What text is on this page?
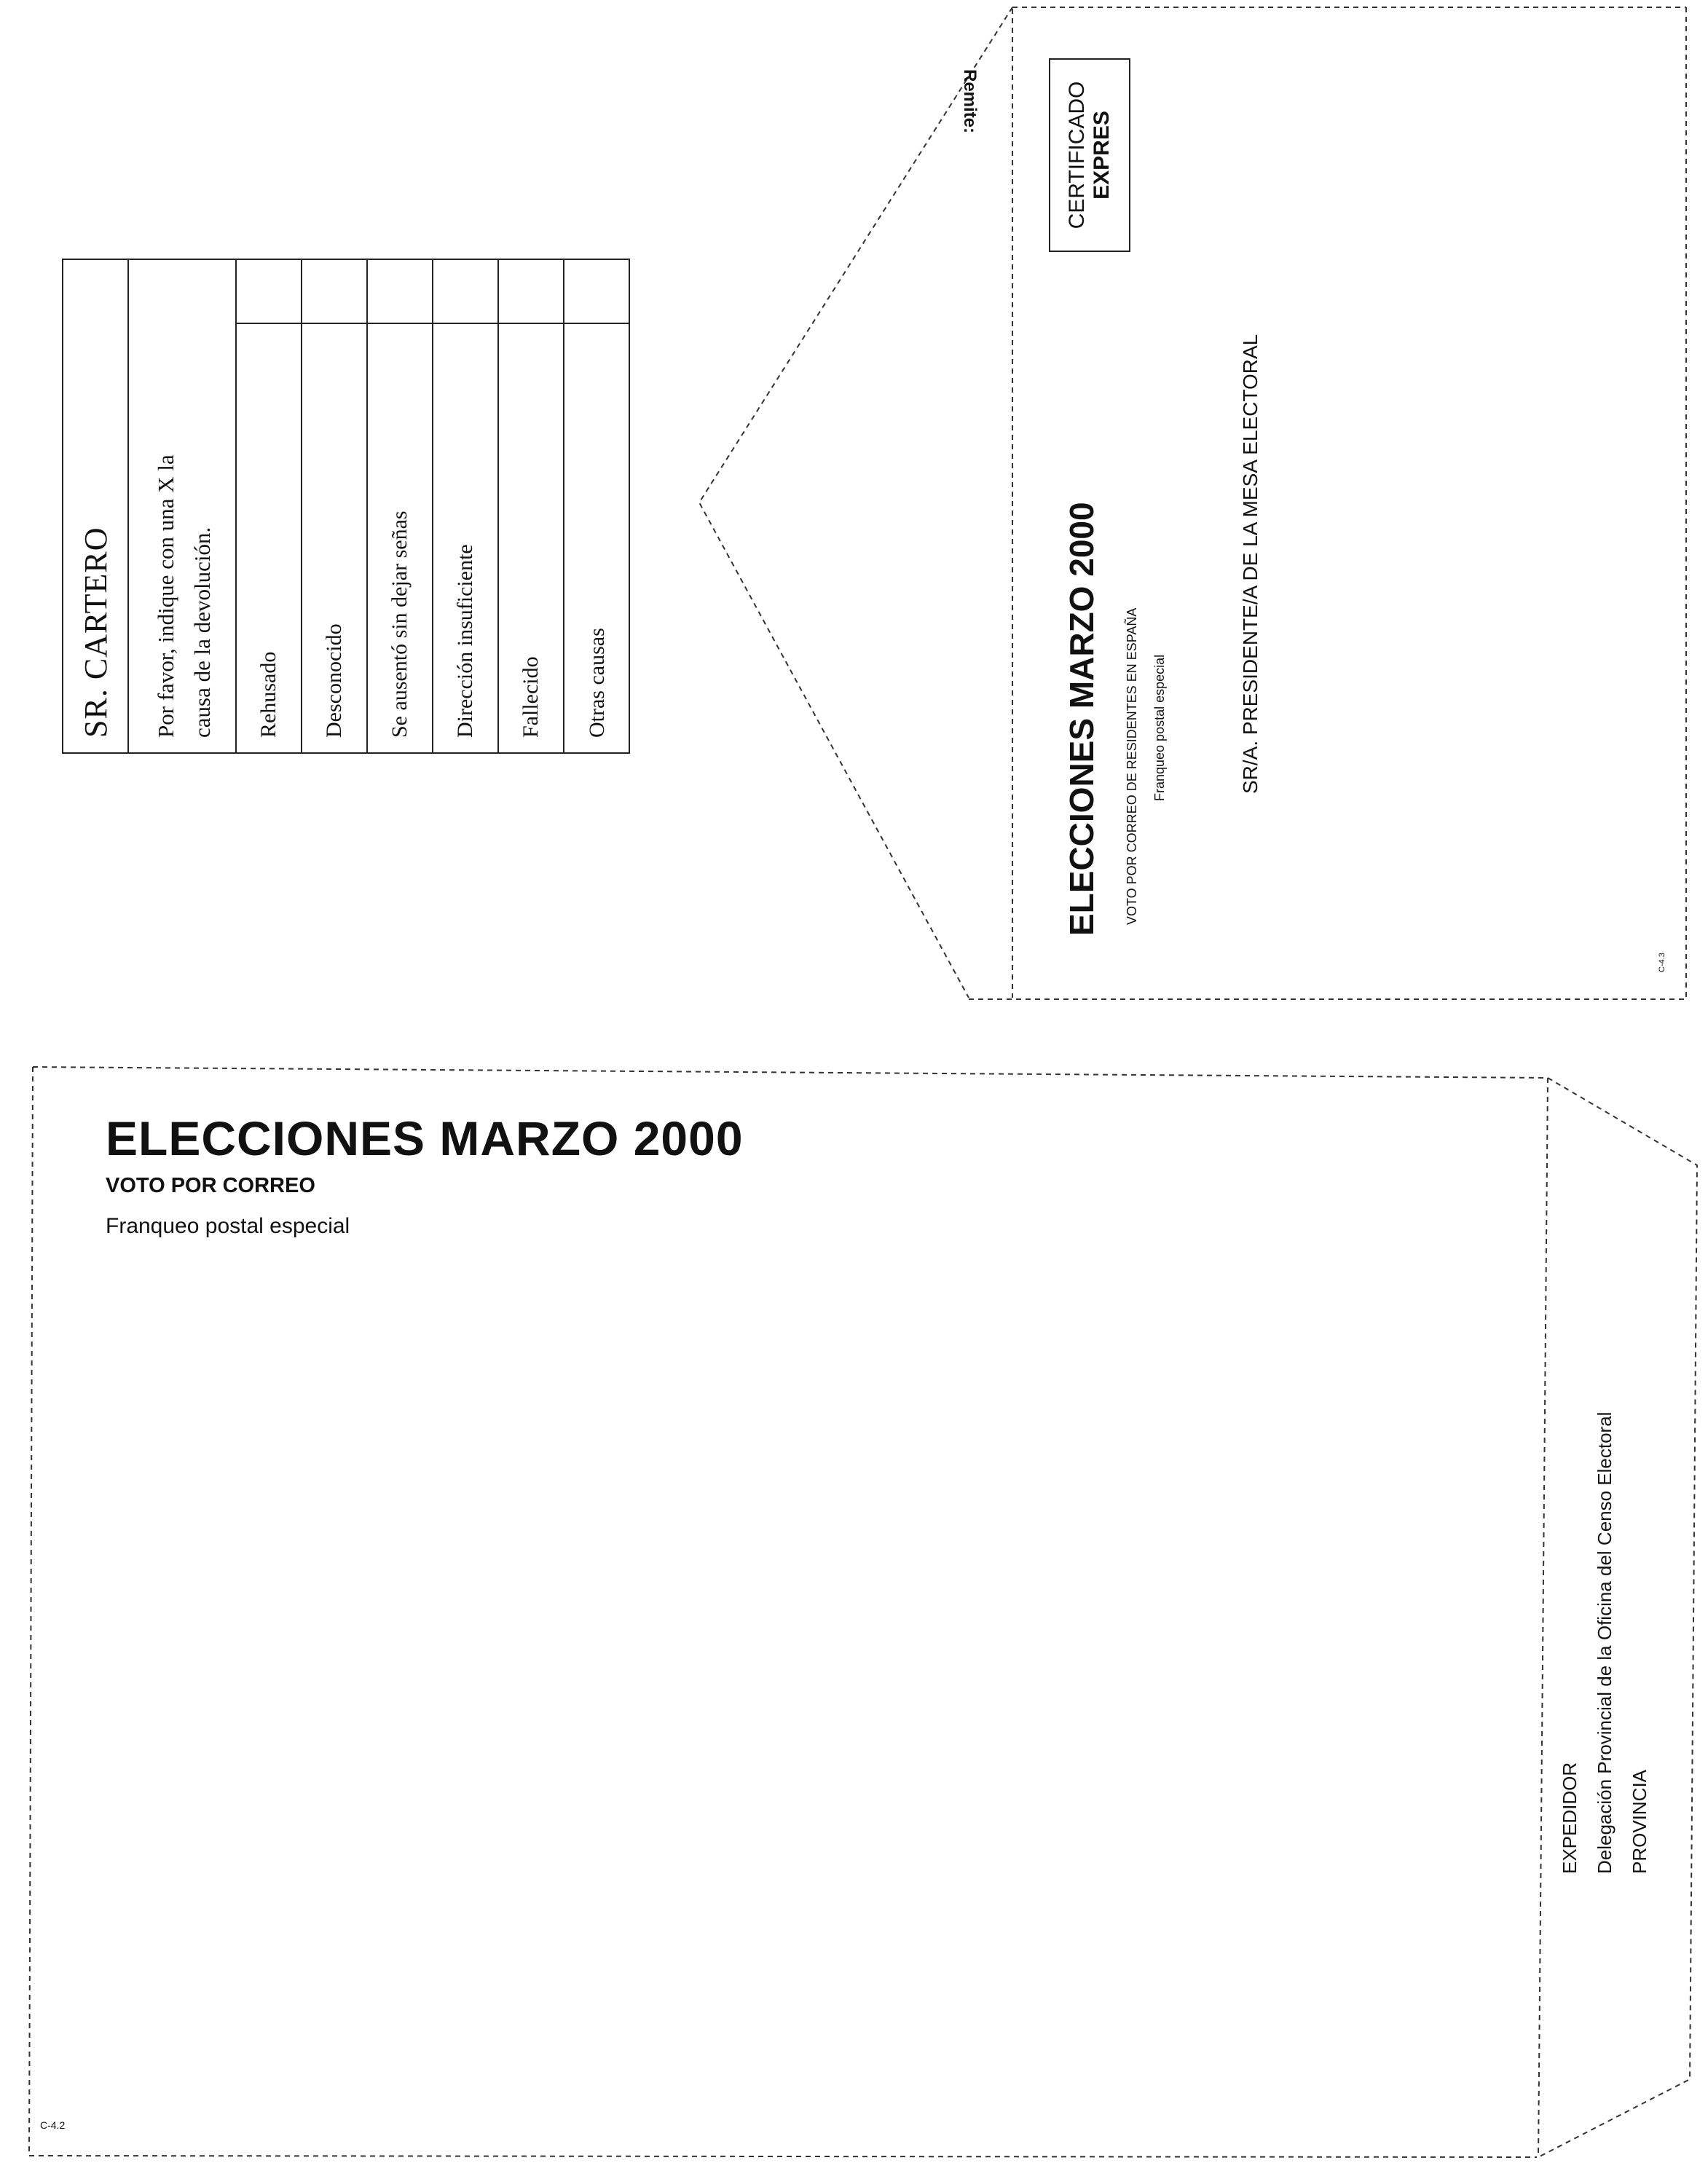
SR. CARTERO	Por favor, indique con una X la causa de la devolución.	Rehusado	Desconocido	Se ausentó sin dejar señas	Dirección insuficiente	Fallecido	Otras causas
Remite:	CERTIFICADO EXPRES
ELECCIONES MARZO 2000 VOTO POR CORREO DE RESIDENTES EN ESPAÑA Franqueo postal especial	SR/A. PRESIDENTE/A DE LA MESA ELECTORAL
C-4.3
ELECCIONES MARZO 2000
VOTO POR CORREO
Franqueo postal especial
C-4.2
EXPEDIDOR Delegación Provincial de la Oficina del Censo Electoral PROVINCIA
